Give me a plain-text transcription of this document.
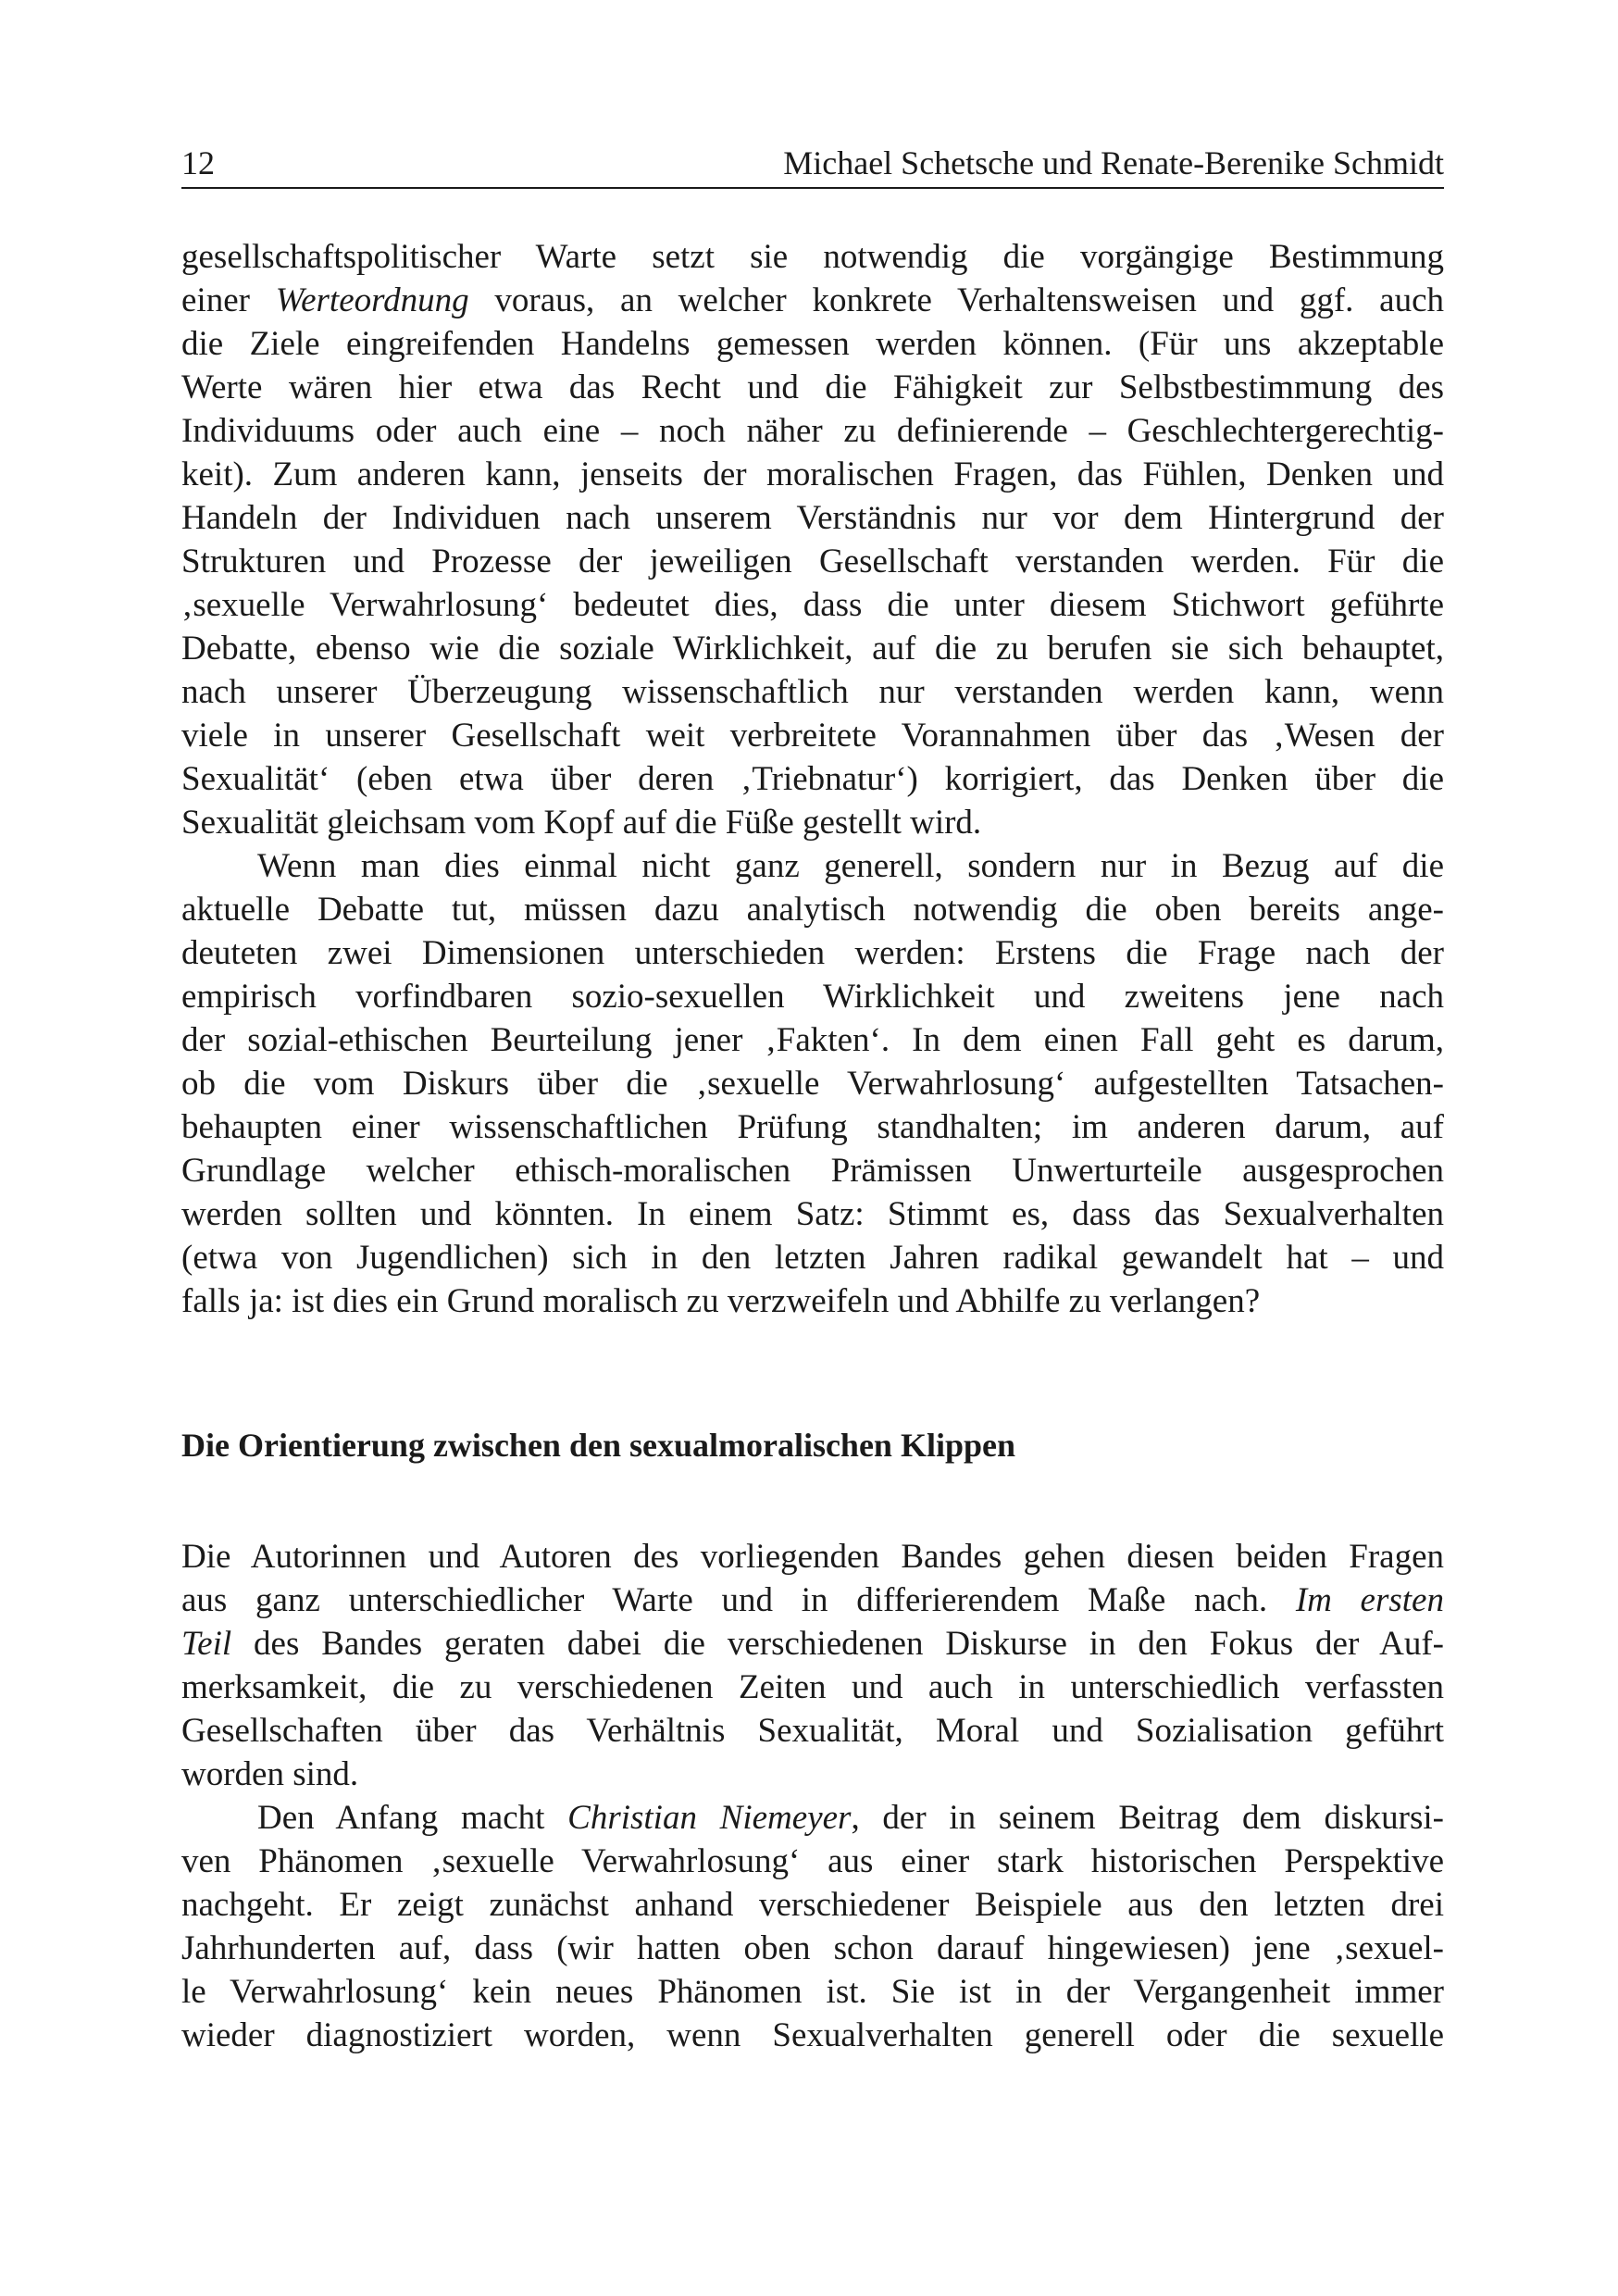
12	Michael Schetsche und Renate-Berenike Schmidt
gesellschaftspolitischer Warte setzt sie notwendig die vorgängige Bestimmung
einer Werteordnung voraus, an welcher konkrete Verhaltensweisen und ggf. auch
die Ziele eingreifenden Handelns gemessen werden können. (Für uns akzeptable
Werte wären hier etwa das Recht und die Fähigkeit zur Selbstbestimmung des
Individuums oder auch eine – noch näher zu definierende – Geschlechtergerechtig-
keit). Zum anderen kann, jenseits der moralischen Fragen, das Fühlen, Denken und
Handeln der Individuen nach unserem Verständnis nur vor dem Hintergrund der
Strukturen und Prozesse der jeweiligen Gesellschaft verstanden werden. Für die
‚sexuelle Verwahrlosung‘ bedeutet dies, dass die unter diesem Stichwort geführte
Debatte, ebenso wie die soziale Wirklichkeit, auf die zu berufen sie sich behauptet,
nach unserer Überzeugung wissenschaftlich nur verstanden werden kann, wenn
viele in unserer Gesellschaft weit verbreitete Vorannahmen über das ‚Wesen der
Sexualität‘ (eben etwa über deren ‚Triebnatur‘) korrigiert, das Denken über die
Sexualität gleichsam vom Kopf auf die Füße gestellt wird.
Wenn man dies einmal nicht ganz generell, sondern nur in Bezug auf die
aktuelle Debatte tut, müssen dazu analytisch notwendig die oben bereits ange-
deuteten zwei Dimensionen unterschieden werden: Erstens die Frage nach der
empirisch vorfindbaren sozio-sexuellen Wirklichkeit und zweitens jene nach
der sozial-ethischen Beurteilung jener ‚Fakten‘. In dem einen Fall geht es darum,
ob die vom Diskurs über die ‚sexuelle Verwahrlosung‘ aufgestellten Tatsachen-
behaupten einer wissenschaftlichen Prüfung standhalten; im anderen darum, auf
Grundlage welcher ethisch-moralischen Prämissen Unwerturteile ausgesprochen
werden sollten und könnten. In einem Satz: Stimmt es, dass das Sexualverhalten
(etwa von Jugendlichen) sich in den letzten Jahren radikal gewandelt hat – und
falls ja: ist dies ein Grund moralisch zu verzweifeln und Abhilfe zu verlangen?
Die Orientierung zwischen den sexualmoralischen Klippen
Die Autorinnen und Autoren des vorliegenden Bandes gehen diesen beiden Fragen
aus ganz unterschiedlicher Warte und in differierendem Maße nach. Im ersten
Teil des Bandes geraten dabei die verschiedenen Diskurse in den Fokus der Auf-
merksamkeit, die zu verschiedenen Zeiten und auch in unterschiedlich verfassten
Gesellschaften über das Verhältnis Sexualität, Moral und Sozialisation geführt
worden sind.
Den Anfang macht Christian Niemeyer, der in seinem Beitrag dem diskursi-
ven Phänomen ‚sexuelle Verwahrlosung‘ aus einer stark historischen Perspektive
nachgeht. Er zeigt zunächst anhand verschiedener Beispiele aus den letzten drei
Jahrhunderten auf, dass (wir hatten oben schon darauf hingewiesen) jene ‚sexuel-
le Verwahrlosung‘ kein neues Phänomen ist. Sie ist in der Vergangenheit immer
wieder diagnostiziert worden, wenn Sexualverhalten generell oder die sexuelle
